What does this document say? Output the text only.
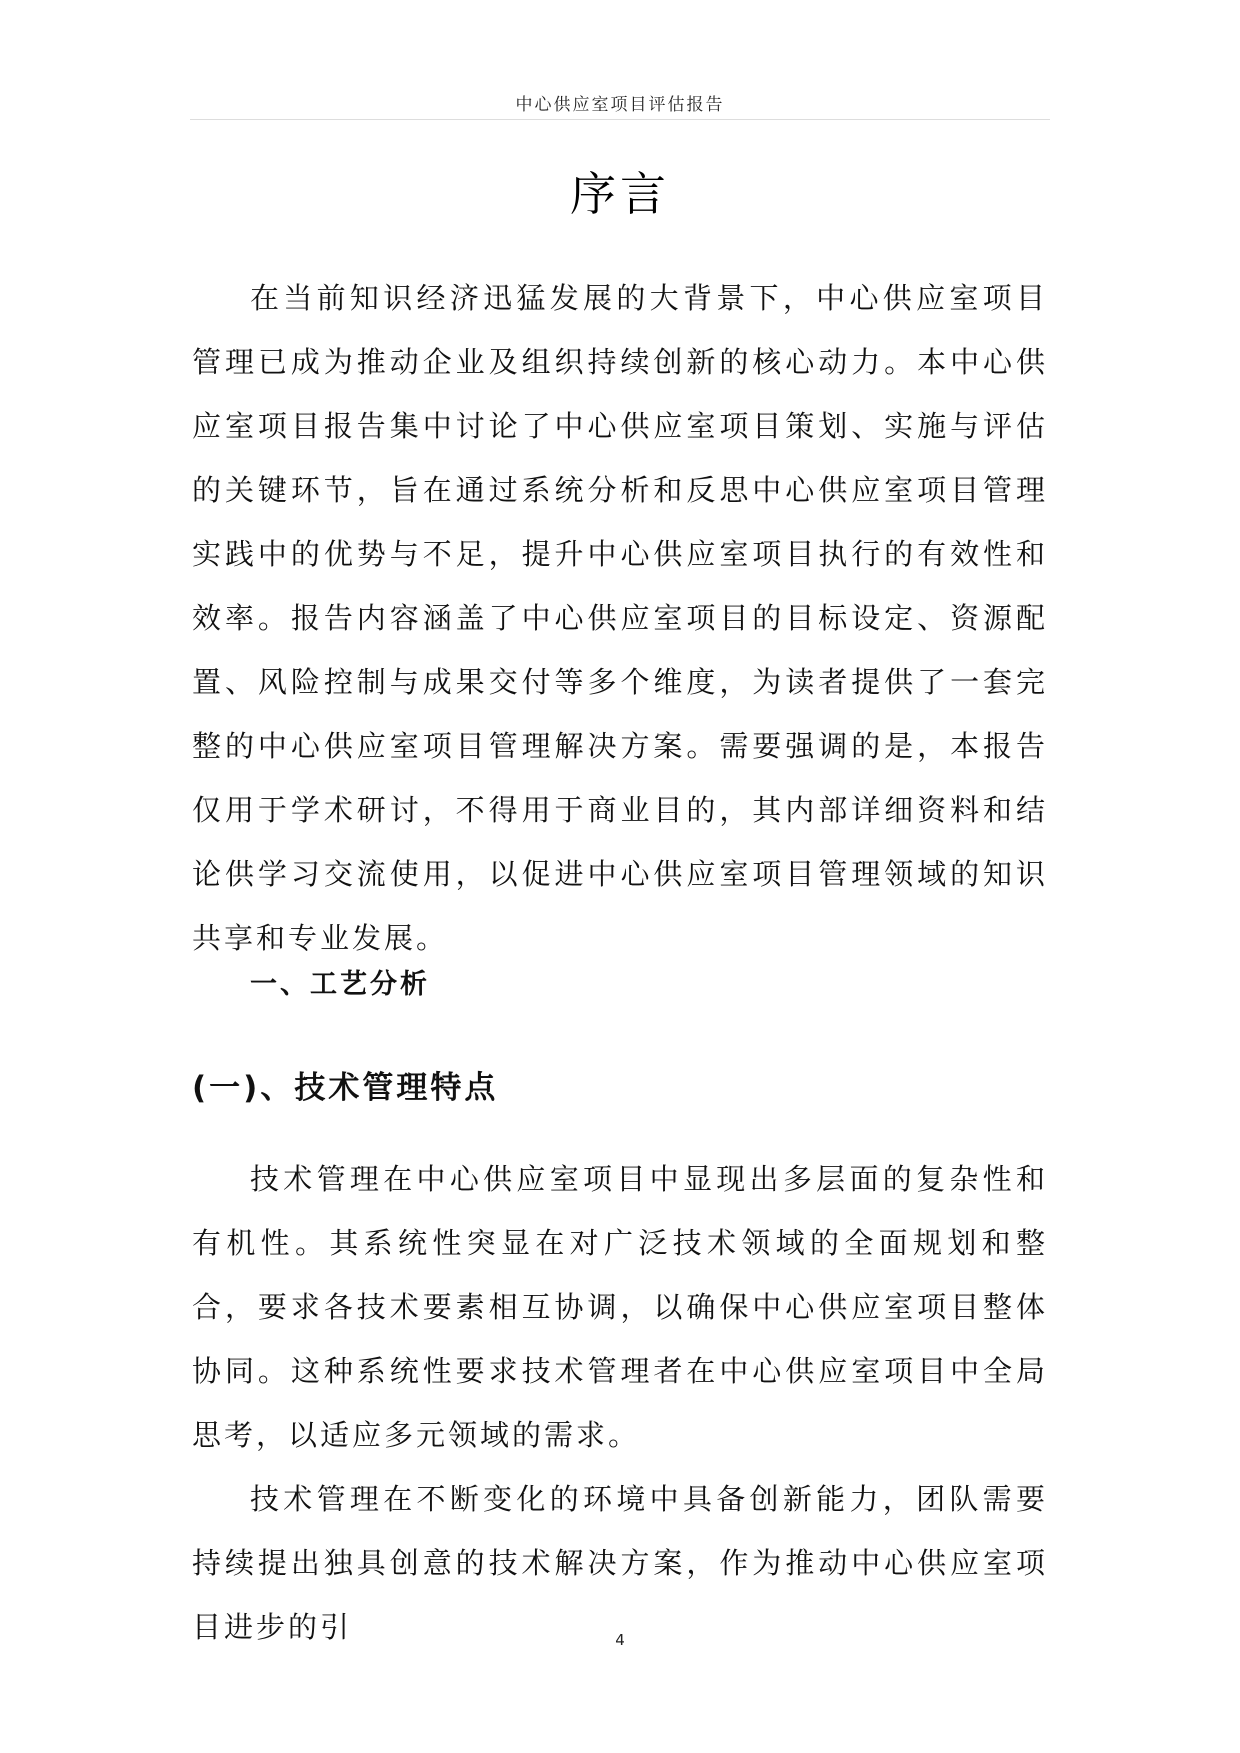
中心供应室项目评估报告
序言

在当前知识经济迅猛发展的大背景下，中心供应室项目管理已成为推动企业及组织持续创新的核心动力。本中心供应室项目报告集中讨论了中心供应室项目策划、实施与评估的关键环节，旨在通过系统分析和反思中心供应室项目管理实践中的优势与不足，提升中心供应室项目执行的有效性和效率。报告内容涵盖了中心供应室项目的目标设定、资源配置、风险控制与成果交付等多个维度，为读者提供了一套完整的中心供应室项目管理解决方案。需要强调的是，本报告仅用于学术研讨，不得用于商业目的，其内部详细资料和结论供学习交流使用，以促进中心供应室项目管理领域的知识共享和专业发展。

一、工艺分析
(一)、技术管理特点

技术管理在中心供应室项目中显现出多层面的复杂性和有机性。其系统性突显在对广泛技术领域的全面规划和整合，要求各技术要素相互协调，以确保中心供应室项目整体协同。这种系统性要求技术管理者在中心供应室项目中全局思考，以适应多元领域的需求。

技术管理在不断变化的环境中具备创新能力，团队需要持续提出独具创意的技术解决方案，作为推动中心供应室项目进步的引	4
